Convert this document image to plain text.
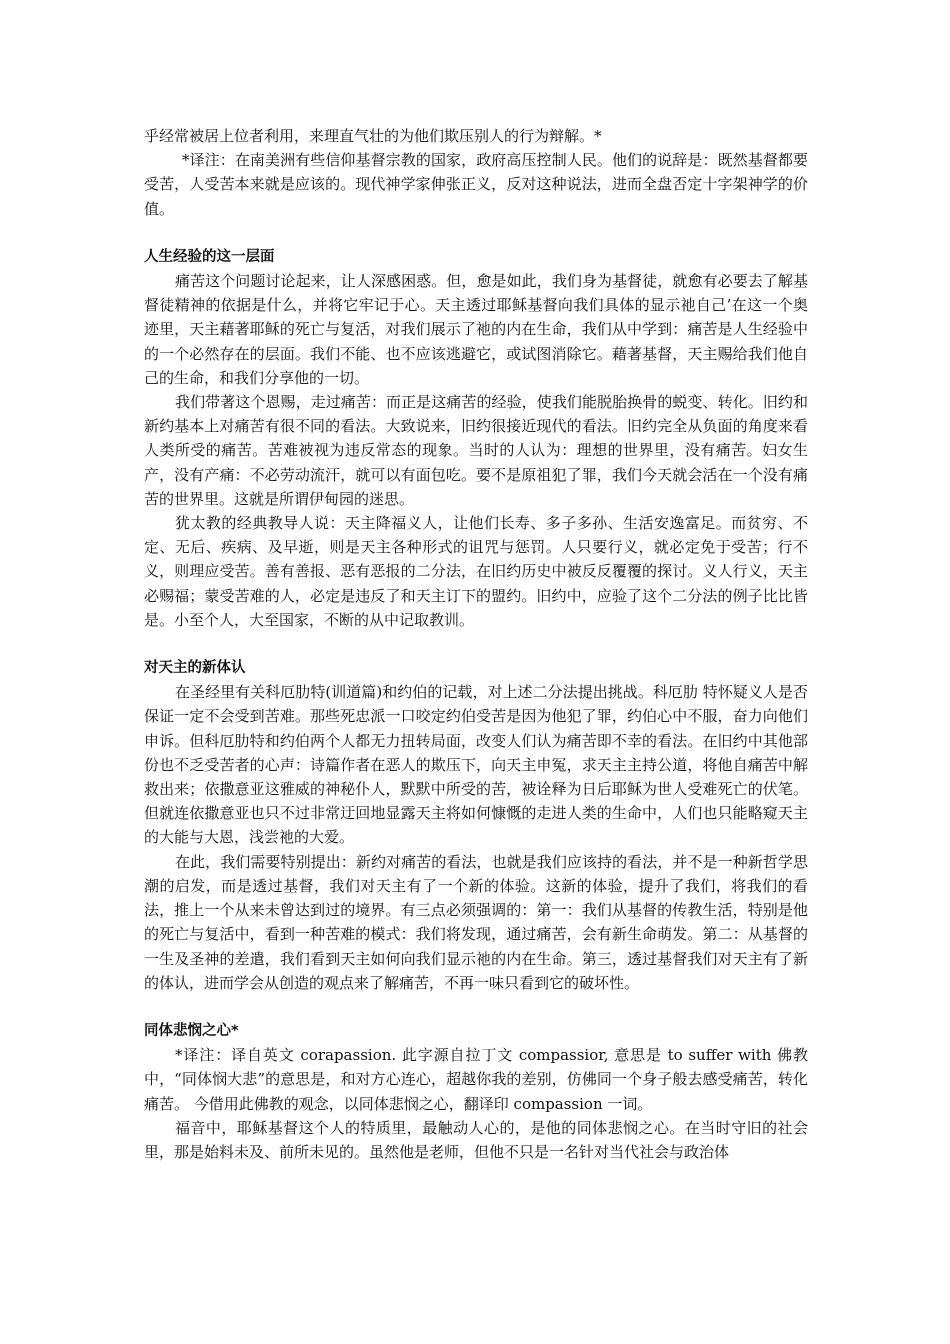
乎经常被居上位者利用，来理直气壮的为他们欺压别人的行为辩解。*

*译注：在南美洲有些信仰基督宗教的国家，政府高压控制人民。他们的说辞是：既然基督都要受苦，人受苦本来就是应该的。现代神学家伸张正义，反对这种说法，进而全盘否定十字架神学的价值。

人生经验的这一层面

痛苦这个问题讨论起来，让人深感困惑。但，愈是如此，我们身为基督徒，就愈有必要去了解基督徒精神的依据是什么，并将它牢记于心。天主透过耶稣基督向我们具体的显示祂自己’在这一个奥迹里，天主藉著耶稣的死亡与复活，对我们展示了祂的内在生命，我们从中学到：痛苦是人生经验中的一个必然存在的层面。我们不能、也不应该逃避它，或试图消除它。藉著基督，天主赐给我们他自己的生命，和我们分享他的一切。

我们带著这个恩赐，走过痛苦：而正是这痛苦的经验，使我们能脱胎换骨的蜕变、转化。旧约和新约基本上对痛苦有很不同的看法。大致说来，旧约很接近现代的看法。旧约完全从负面的角度来看人类所受的痛苦。苦难被视为违反常态的现象。当时的人认为：理想的世界里，没有痛苦。妇女生产，没有产痛：不必劳动流汗，就可以有面包吃。要不是原祖犯了罪，我们今天就会活在一个没有痛苦的世界里。这就是所谓伊甸园的迷思。

犹太教的经典教导人说：天主降福义人，让他们长寿、多子多孙、生活安逸富足。而贫穷、不定、无后、疾病、及早逝，则是天主各种形式的诅咒与惩罚。人只要行义，就必定免于受苦；行不义，则理应受苦。善有善报、恶有恶报的二分法，在旧约历史中被反反覆覆的探讨。义人行义，天主必赐福；蒙受苦难的人，必定是违反了和天主订下的盟约。旧约中，应验了这个二分法的例子比比皆是。小至个人，大至国家，不断的从中记取教训。

对天主的新体认

在圣经里有关科厄肋特(训道篇)和约伯的记载，对上述二分法提出挑战。科厄肋 特怀疑义人是否保证一定不会受到苦难。那些死忠派一口咬定约伯受苦是因为他犯了罪，约伯心中不服，奋力向他们申诉。但科厄肋特和约伯两个人都无力扭转局面，改变人们认为痛苦即不幸的看法。在旧约中其他部份也不乏受苦者的心声：诗篇作者在恶人的欺压下，向天主申冤，求天主主持公道，将他自痛苦中解救出来；依撒意亚这雅威的神秘仆人，默默中所受的苦，被诠释为日后耶稣为世人受难死亡的伏笔。但就连依撒意亚也只不过非常迂回地显露天主将如何慷慨的走进人类的生命中，人们也只能略窥天主的大能与大恩，浅尝祂的大爱。

在此，我们需要特别提出：新约对痛苦的看法，也就是我们应该持的看法，并不是一种新哲学思潮的启发，而是透过基督，我们对天主有了一个新的体验。这新的体验，提升了我们，将我们的看法，推上一个从来未曾达到过的境界。有三点必须强调的：第一：我们从基督的传教生活，特别是他的死亡与复活中，看到一种苦难的模式：我们将发现，通过痛苦，会有新生命萌发。第二：从基督的一生及圣神的差遣，我们看到天主如何向我们显示祂的内在生命。第三，透过基督我们对天主有了新的体认，进而学会从创造的观点来了解痛苦，不再一味只看到它的破坏性。

同体悲悯之心*

*译注：译自英文 corapassion. 此字源自拉丁文 compassior, 意思是 to suffer with 佛教中，“同体悯大悲”的意思是，和对方心连心，超越你我的差别，仿佛同一个身子般去感受痛苦，转化痛苦。 今借用此佛教的观念，以同体悲悯之心，翻译印 compassion 一词。

福音中，耶稣基督这个人的特质里，最触动人心的，是他的同体悲悯之心。在当时守旧的社会里，那是始料未及、前所未见的。虽然他是老师，但他不只是一名针对当代社会与政治体
